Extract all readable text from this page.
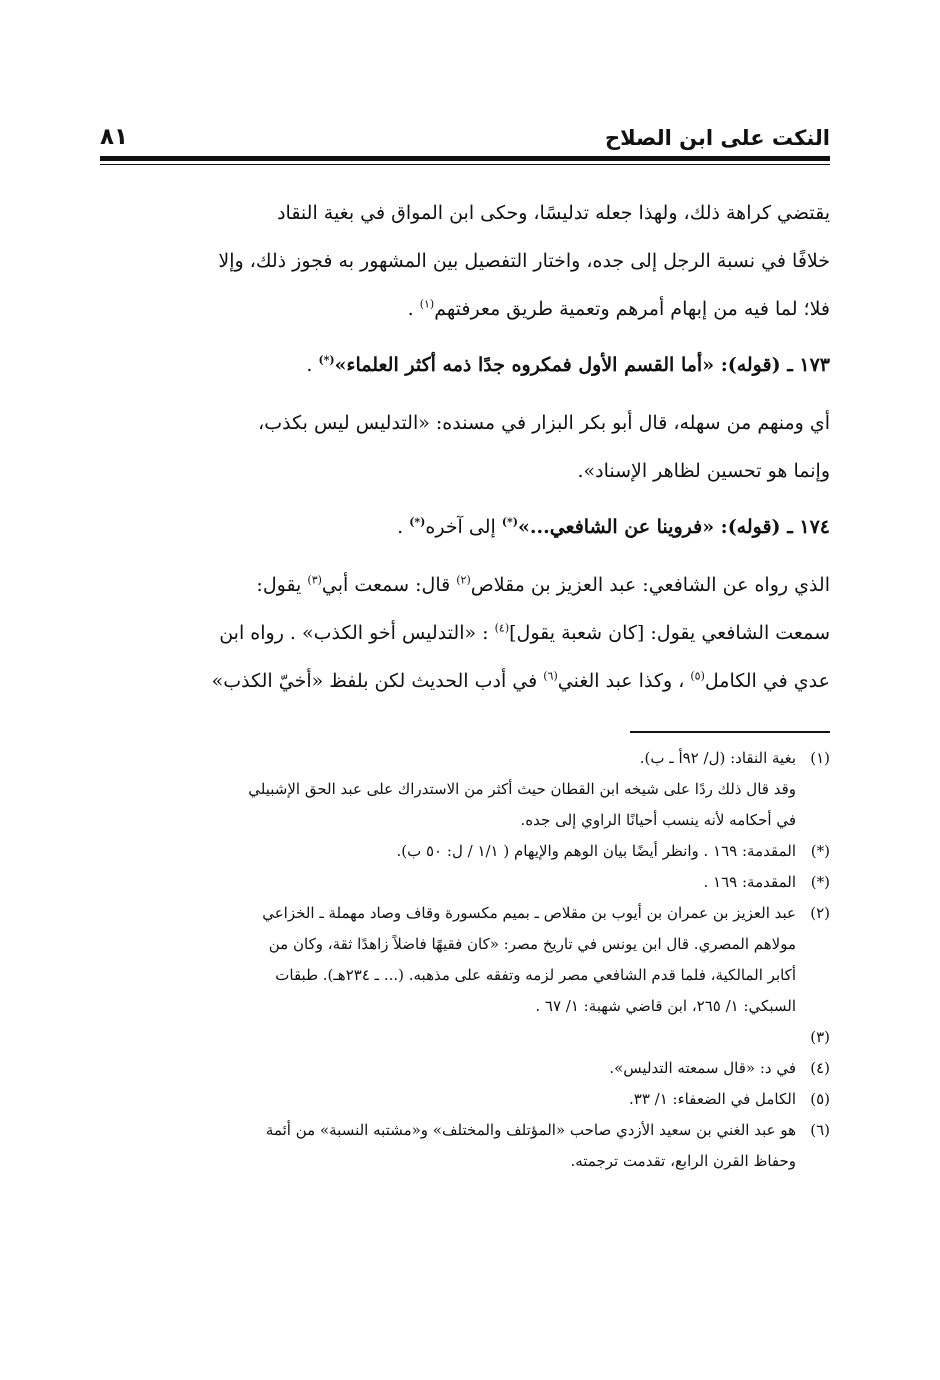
النكت على ابن الصلاح
٨١

يقتضي كراهة ذلك، ولهذا جعله تدليسًا، وحكى ابن المواق في بغية النقاد
خلافًا في نسبة الرجل إلى جده، واختار التفصيل بين المشهور به فجوز ذلك، وإلا
فلا؛ لما فيه من إبهام أمرهم وتعمية طريق معرفتهم$^{(١)}$ .

١٧٣ ـ (قوله): «أما القسم الأول فمكروه جدًا ذمه أكثر العلماء»(*) .

أي ومنهم من سهله، قال أبو بكر البزار في مسنده: «التدليس ليس بكذب،
وإنما هو تحسين لظاهر الإسناد».

١٧٤ ـ (قوله): «فروينا عن الشافعي...»(*) إلى آخره(*) .

الذي رواه عن الشافعي: عبد العزيز بن مقلاص$^{(٢)}$ قال: سمعت أبي$^{(٣)}$ يقول:
سمعت الشافعي يقول: [كان شعبة يقول]$^{(٤)}$ : «التدليس أخو الكذب» . رواه ابن
عدي في الكامل$^{(٥)}$ ، وكذا عبد الغني$^{(٦)}$ في أدب الحديث لكن بلفظ «أخيّ الكذب»

(١)
بغية النقاد: (ل/ ٩٢أ ـ ب).
وقد قال ذلك ردًا على شيخه ابن القطان حيث أكثر من الاستدراك على عبد الحق الإشبيلي
في أحكامه لأنه ينسب أحيانًا الراوي إلى جده.
(*)
المقدمة: ١٦٩ . وانظر أيضًا بيان الوهم والإيهام ( ١/١ / ل: ٥٠ ب).
(*)
المقدمة: ١٦٩ .
(٢)
عبد العزيز بن عمران بن أيوب بن مقلاص ـ بميم مكسورة وقاف وصاد مهملة ـ الخزاعي
مولاهم المصري. قال ابن يونس في تاريخ مصر: «كان فقيهًا فاضلاً زاهدًا ثقة، وكان من
أكابر المالكية، فلما قدم الشافعي مصر لزمه وتفقه على مذهبه. (... ـ ٢٣٤هـ). طبقات
السبكي: ١/ ٢٦٥، ابن قاضي شهبة: ١/ ٦٧ .
(٣)
(٤)
في د: «قال سمعته التدليس».
(٥)
الكامل في الضعفاء: ١/ ٣٣.
(٦)
هو عبد الغني بن سعيد الأزدي صاحب «المؤتلف والمختلف» و«مشتبه النسبة» من أئمة
وحفاظ القرن الرابع، تقدمت ترجمته.
